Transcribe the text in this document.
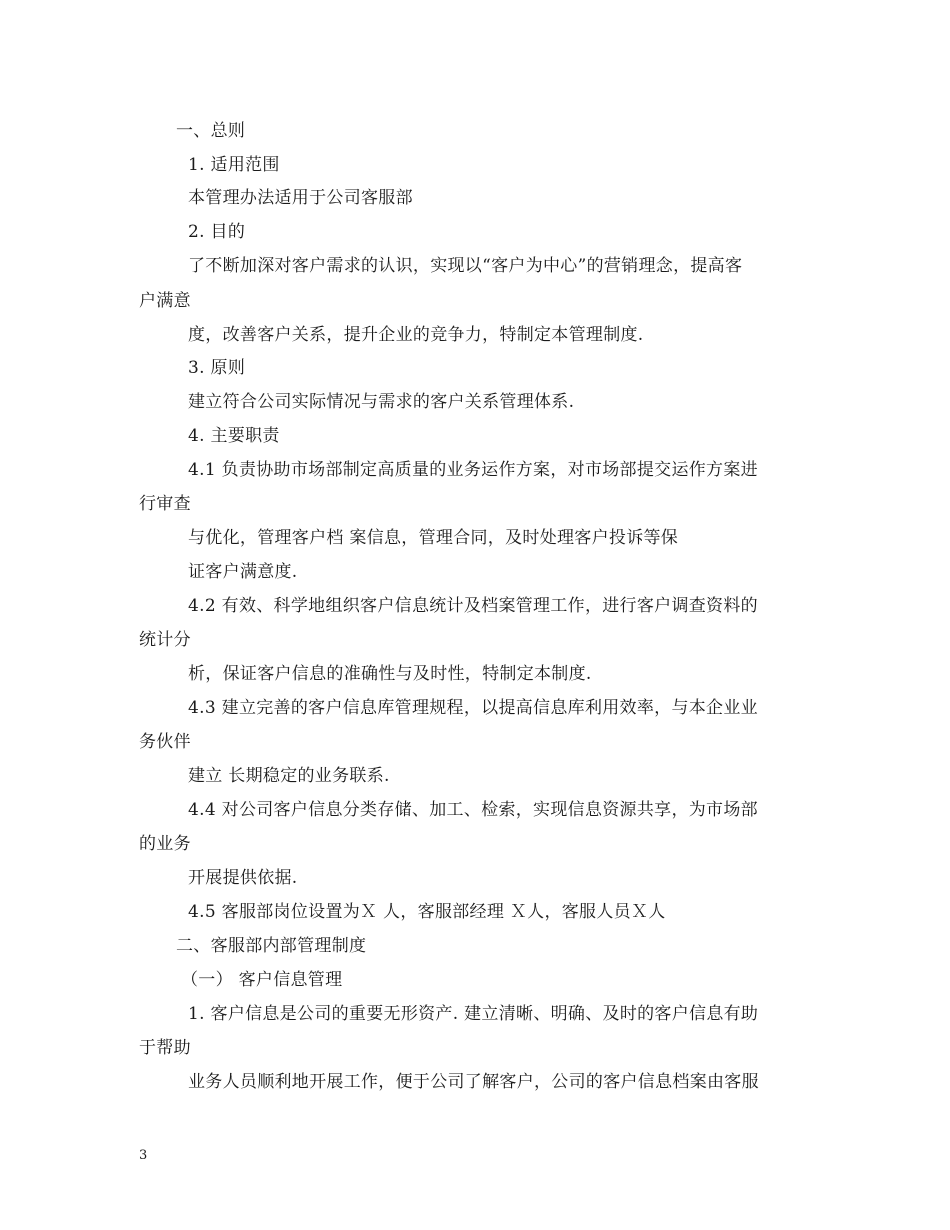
一、总则
1. 适用范围
本管理办法适用于公司客服部
2. 目的
了不断加深对客户需求的认识，实现以“客户为中心”的营销理念，提高客
户满意
度，改善客户关系，提升企业的竞争力，特制定本管理制度.
3. 原则
建立符合公司实际情况与需求的客户关系管理体系.
4. 主要职责
4.1 负责协助市场部制定高质量的业务运作方案，对市场部提交运作方案进
行审查
与优化，管理客户档 案信息，管理合同，及时处理客户投诉等保
证客户满意度.
4.2 有效、科学地组织客户信息统计及档案管理工作，进行客户调查资料的
统计分
析，保证客户信息的准确性与及时性，特制定本制度.
4.3 建立完善的客户信息库管理规程，以提高信息库利用效率，与本企业业
务伙伴
建立 长期稳定的业务联系.
4.4 对公司客户信息分类存储、加工、检索，实现信息资源共享，为市场部
的业务
开展提供依据.
4.5 客服部岗位设置为Ｘ 人，客服部经理 Ｘ人，客服人员Ｘ人
二、客服部内部管理制度
（一） 客户信息管理
1. 客户信息是公司的重要无形资产. 建立清晰、明确、及时的客户信息有助
于帮助
业务人员顺利地开展工作，便于公司了解客户，公司的客户信息档案由客服
3
